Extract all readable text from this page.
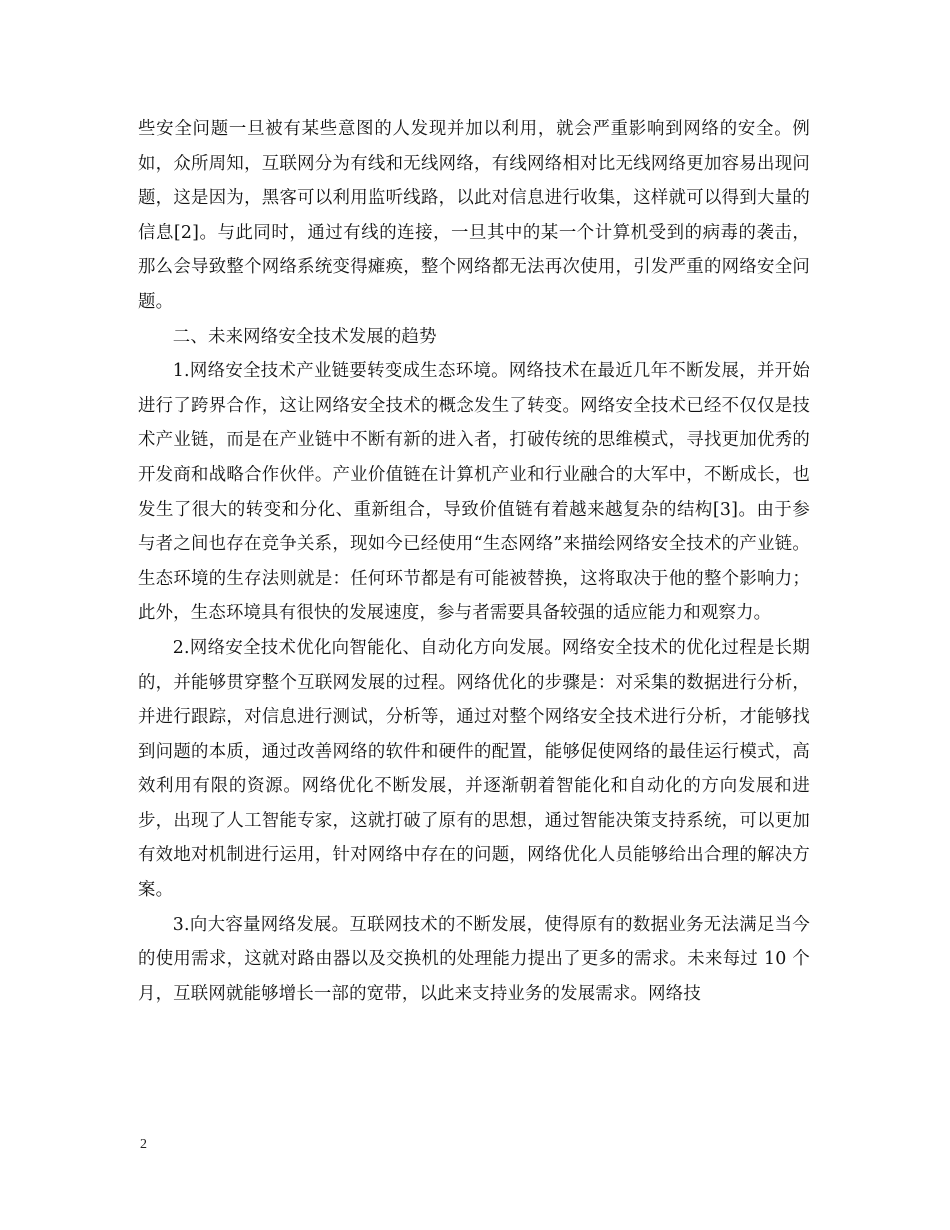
些安全问题一旦被有某些意图的人发现并加以利用，就会严重影响到网络的安全。例如，众所周知，互联网分为有线和无线网络，有线网络相对比无线网络更加容易出现问题，这是因为，黑客可以利用监听线路，以此对信息进行收集，这样就可以得到大量的信息[2]。与此同时，通过有线的连接，一旦其中的某一个计算机受到的病毒的袭击，那么会导致整个网络系统变得瘫痪，整个网络都无法再次使用，引发严重的网络安全问题。

二、未来网络安全技术发展的趋势

1.网络安全技术产业链要转变成生态环境。网络技术在最近几年不断发展，并开始进行了跨界合作，这让网络安全技术的概念发生了转变。网络安全技术已经不仅仅是技术产业链，而是在产业链中不断有新的进入者，打破传统的思维模式，寻找更加优秀的开发商和战略合作伙伴。产业价值链在计算机产业和行业融合的大军中，不断成长，也发生了很大的转变和分化、重新组合，导致价值链有着越来越复杂的结构[3]。由于参与者之间也存在竞争关系，现如今已经使用“生态网络”来描绘网络安全技术的产业链。生态环境的生存法则就是：任何环节都是有可能被替换，这将取决于他的整个影响力；此外，生态环境具有很快的发展速度，参与者需要具备较强的适应能力和观察力。

2.网络安全技术优化向智能化、自动化方向发展。网络安全技术的优化过程是长期的，并能够贯穿整个互联网发展的过程。网络优化的步骤是：对采集的数据进行分析，并进行跟踪，对信息进行测试，分析等，通过对整个网络安全技术进行分析，才能够找到问题的本质，通过改善网络的软件和硬件的配置，能够促使网络的最佳运行模式，高效利用有限的资源。网络优化不断发展，并逐渐朝着智能化和自动化的方向发展和进步，出现了人工智能专家，这就打破了原有的思想，通过智能决策支持系统，可以更加有效地对机制进行运用，针对网络中存在的问题，网络优化人员能够给出合理的解决方案。

3.向大容量网络发展。互联网技术的不断发展，使得原有的数据业务无法满足当今的使用需求，这就对路由器以及交换机的处理能力提出了更多的需求。未来每过 10 个月，互联网就能够增长一部的宽带，以此来支持业务的发展需求。网络技

2
